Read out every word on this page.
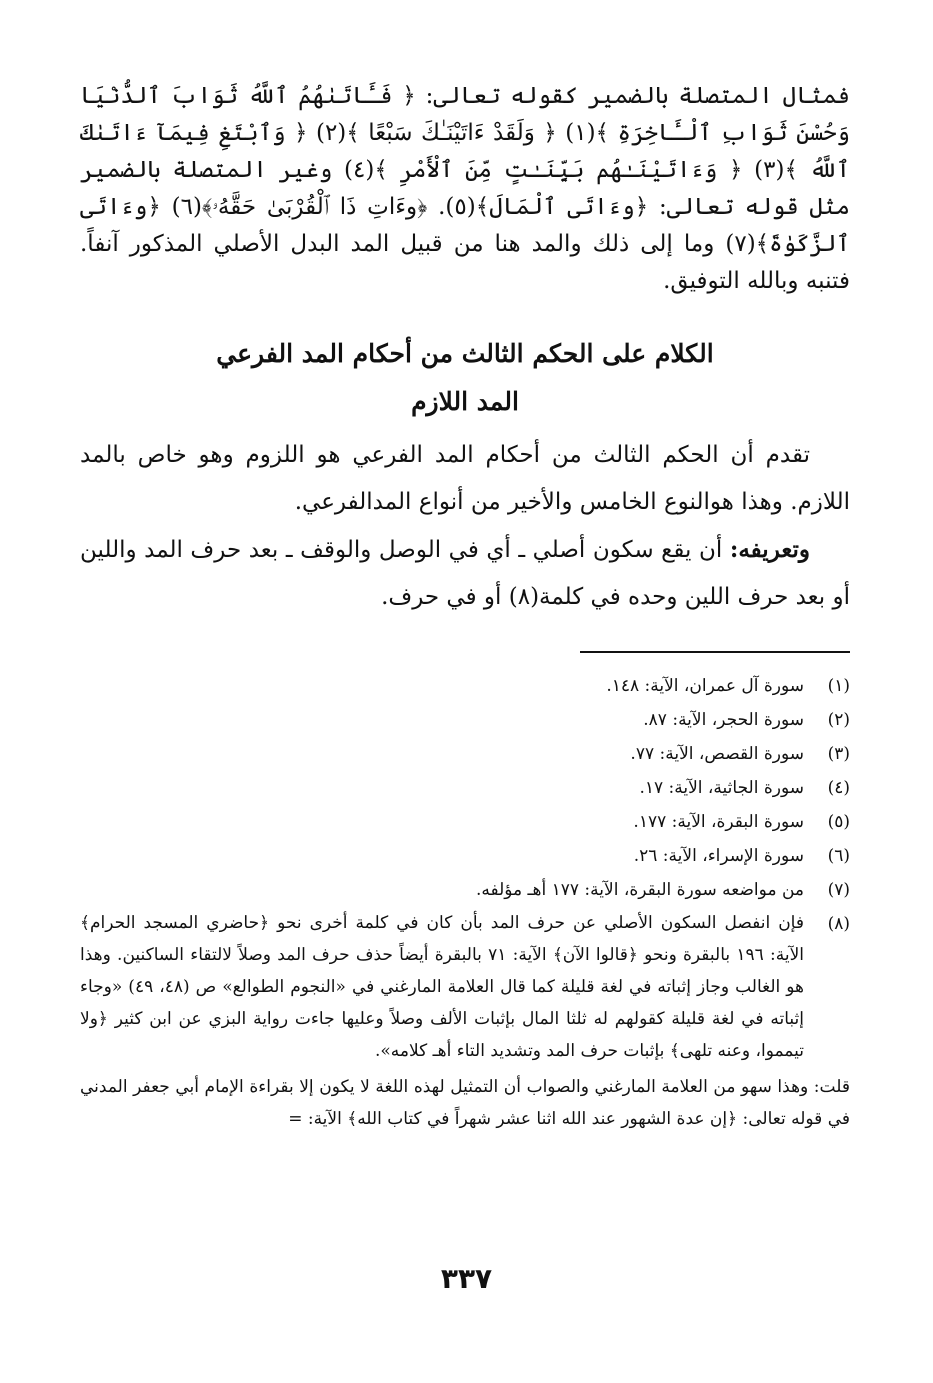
فمثال المتصلة بالضمير كقوله تعالى: ﴿ فَـَٔاتَىٰهُمُ ٱللَّهُ ثَوَابَ ٱلدُّنْيَا وَحُسْنَ ثَوَابِ ٱلْـَٔاخِرَةِ ﴾(١) ﴿ وَلَقَدْ ءَاتَيْنَـٰكَ سَبْعًا ﴾(٢) ﴿ وَٱبْتَغِ فِيمَآ ءَاتَىٰكَ ٱللَّهُ ﴾(٣) ﴿ وَءَاتَيْنَـٰهُم بَيِّنَـٰتٍ مِّنَ ٱلْأَمْرِ ﴾(٤) وغير المتصلة بالضمير مثل قوله تعالى: ﴿وءَاتَى ٱلْمَالَ﴾(٥). ﴿وءَاتِ ذَا ٱلْقُرْبَىٰ حَقَّهُۥ﴾(٦) ﴿وءَاتَى ٱلزَّكَوٰةَ﴾(٧) وما إلى ذلك والمد هنا من قبيل المد البدل الأصلي المذكور آنفاً. فتنبه وبالله التوفيق.

الكلام على الحكم الثالث من أحكام المد الفرعي
المد اللازم

تقدم أن الحكم الثالث من أحكام المد الفرعي هو اللزوم وهو خاص بالمد اللازم. وهذا هوالنوع الخامس والأخير من أنواع المدالفرعي.

وتعريفه: أن يقع سكون أصلي ـ أي في الوصل والوقف ـ بعد حرف المد واللين أو بعد حرف اللين وحده في كلمة(٨) أو في حرف.

(١)
سورة آل عمران، الآية: ١٤٨.
(٢)
سورة الحجر، الآية: ٨٧.
(٣)
سورة القصص، الآية: ٧٧.
(٤)
سورة الجاثية، الآية: ١٧.
(٥)
سورة البقرة، الآية: ١٧٧.
(٦)
سورة الإسراء، الآية: ٢٦.
(٧)
من مواضعه سورة البقرة، الآية: ١٧٧ أهـ مؤلفه.
(٨)
فإن انفصل السكون الأصلي عن حرف المد بأن كان في كلمة أخرى نحو ﴿حاضري المسجد الحرام﴾ الآية: ١٩٦ بالبقرة ونحو ﴿قالوا الآن﴾ الآية: ٧١ بالبقرة أيضاً حذف حرف المد وصلاً لالتقاء الساكنين. وهذا هو الغالب وجاز إثباته في لغة قليلة كما قال العلامة المارغني في «النجوم الطوالع» ص (٤٨، ٤٩) «وجاء إثباته في لغة قليلة كقولهم له ثلثا المال بإثبات الألف وصلاً وعليها جاءت رواية البزي عن ابن كثير ﴿ولا تيمموا، وعنه تلهى﴾ بإثبات حرف المد وتشديد التاء أهـ كلامه».

قلت: وهذا سهو من العلامة المارغني والصواب أن التمثيل لهذه اللغة لا يكون إلا بقراءة الإمام أبي جعفر المدني في قوله تعالى: ﴿إن عدة الشهور عند الله اثنا عشر شهراً في كتاب الله﴾ الآية: =

٣٣٧
